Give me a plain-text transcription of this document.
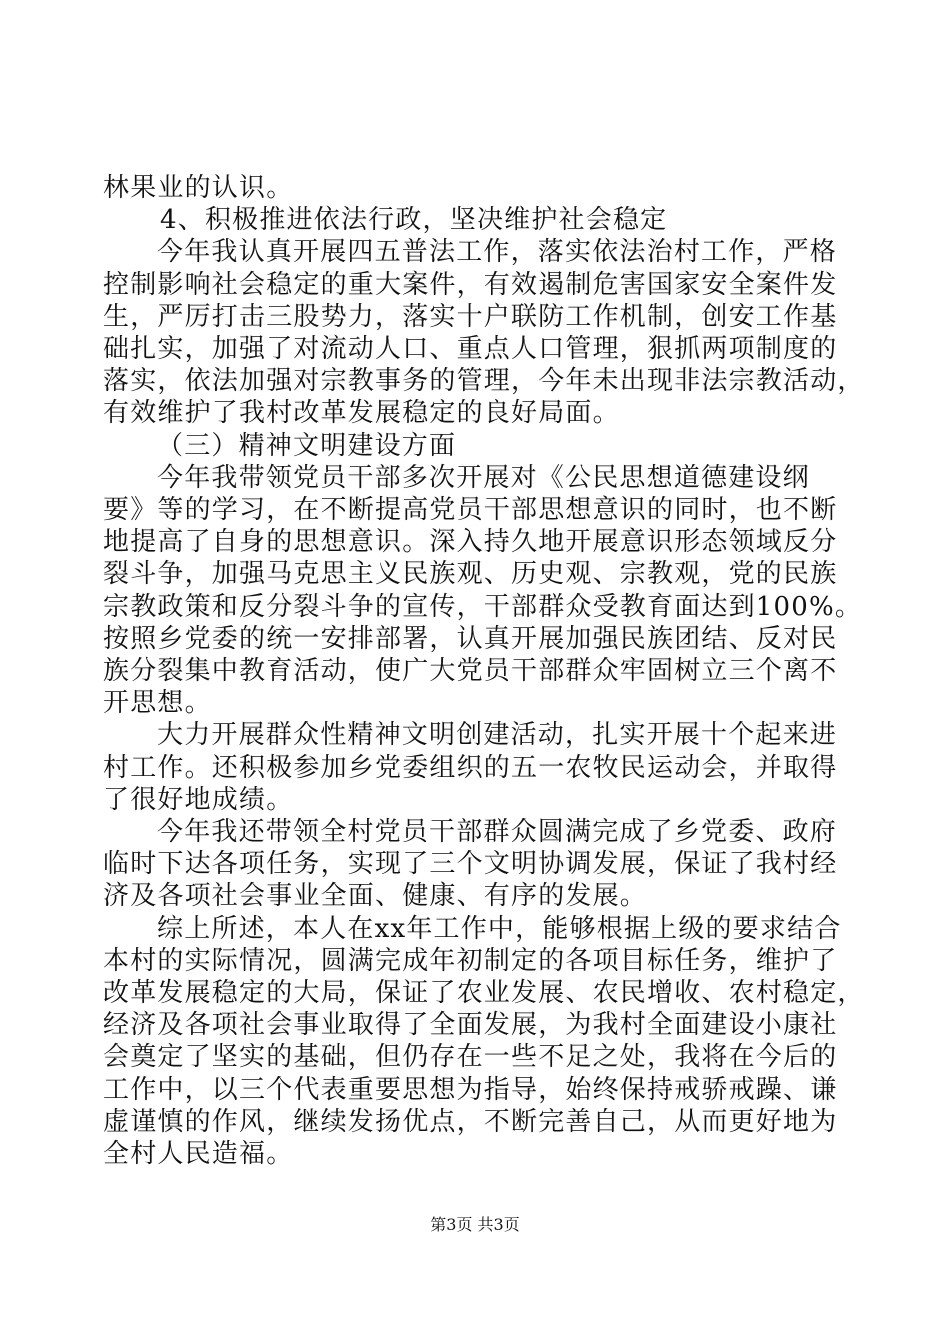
林果业的认识。
4、积极推进依法行政，坚决维护社会稳定
今年我认真开展四五普法工作，落实依法治村工作，严格
控制影响社会稳定的重大案件，有效遏制危害国家安全案件发
生，严厉打击三股势力，落实十户联防工作机制，创安工作基
础扎实，加强了对流动人口、重点人口管理，狠抓两项制度的
落实，依法加强对宗教事务的管理，今年未出现非法宗教活动，
有效维护了我村改革发展稳定的良好局面。
（三）精神文明建设方面
今年我带领党员干部多次开展对《公民思想道德建设纲
要》等的学习，在不断提高党员干部思想意识的同时，也不断
地提高了自身的思想意识。深入持久地开展意识形态领域反分
裂斗争，加强马克思主义民族观、历史观、宗教观，党的民族
宗教政策和反分裂斗争的宣传，干部群众受教育面达到100%。
按照乡党委的统一安排部署，认真开展加强民族团结、反对民
族分裂集中教育活动，使广大党员干部群众牢固树立三个离不
开思想。
大力开展群众性精神文明创建活动，扎实开展十个起来进
村工作。还积极参加乡党委组织的五一农牧民运动会，并取得
了很好地成绩。
今年我还带领全村党员干部群众圆满完成了乡党委、政府
临时下达各项任务，实现了三个文明协调发展，保证了我村经
济及各项社会事业全面、健康、有序的发展。
综上所述，本人在xx年工作中，能够根据上级的要求结合
本村的实际情况，圆满完成年初制定的各项目标任务，维护了
改革发展稳定的大局，保证了农业发展、农民增收、农村稳定，
经济及各项社会事业取得了全面发展，为我村全面建设小康社
会奠定了坚实的基础，但仍存在一些不足之处，我将在今后的
工作中，以三个代表重要思想为指导，始终保持戒骄戒躁、谦
虚谨慎的作风，继续发扬优点，不断完善自己，从而更好地为
全村人民造福。
第3页 共3页
